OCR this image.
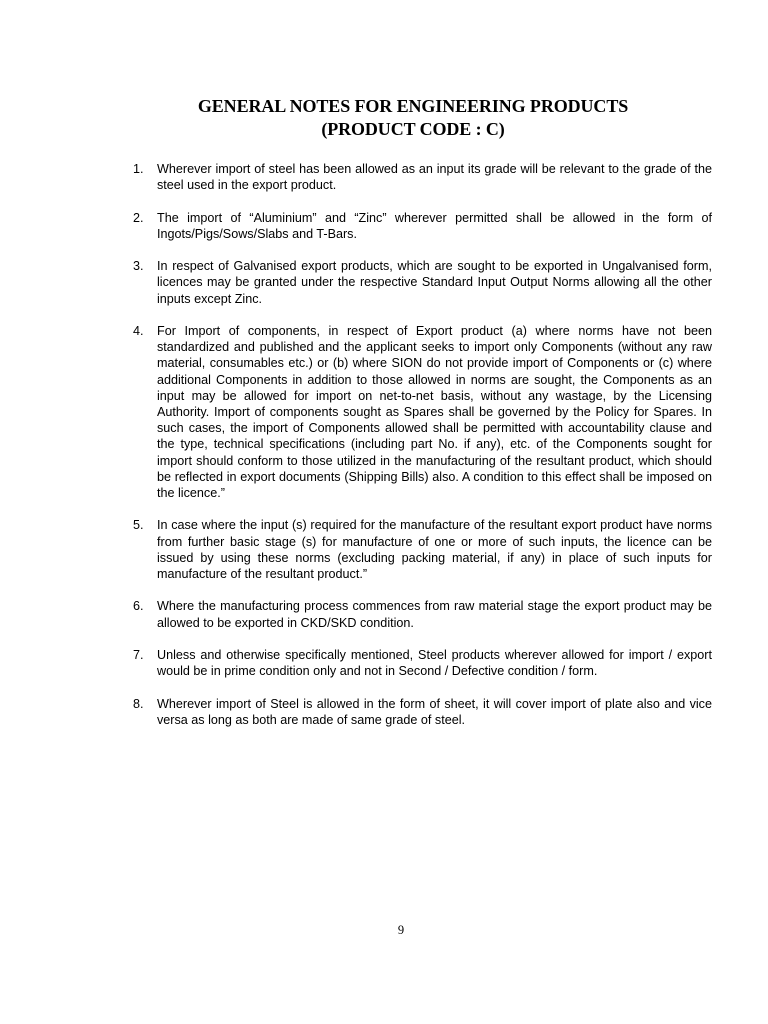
GENERAL NOTES FOR ENGINEERING PRODUCTS
(PRODUCT CODE : C)
1.	Wherever import of steel has been allowed as an input its grade will be relevant to the grade of the steel used in the export product.
2.	The import of “Aluminium” and “Zinc” wherever permitted shall be allowed in the form of Ingots/Pigs/Sows/Slabs and T-Bars.
3.	In respect of Galvanised export products, which are sought to be exported in Ungalvanised form, licences may be granted under the respective Standard Input Output Norms allowing all the other inputs except Zinc.
4.	For Import of components, in respect of Export product (a) where norms have not been standardized and published and the applicant seeks to import only Components (without any raw material, consumables etc.) or (b) where SION do not provide import of Components or (c) where additional Components in addition to those allowed in norms are sought, the Components as an input may be allowed for import on net-to-net basis, without any wastage, by the Licensing Authority. Import of components sought as Spares shall be governed by the Policy for Spares. In such cases, the import of Components allowed shall be permitted with accountability clause and the type, technical specifications (including part No. if any), etc. of the Components sought for import should conform to those utilized in the manufacturing of the resultant product, which should be reflected in export documents (Shipping Bills) also. A condition to this effect shall be imposed on the licence.”
5.	In case where the input (s) required for the manufacture of the resultant export product have norms from further basic stage (s) for manufacture of one or more of such inputs, the licence can be issued by using these norms (excluding packing material, if any) in place of such inputs for manufacture of the resultant product.”
6.	Where the manufacturing process commences from raw material stage the export product may be allowed to be exported in CKD/SKD condition.
7.	Unless and otherwise specifically mentioned, Steel products wherever allowed for import / export would be in prime condition only and not in Second / Defective condition / form.
8.	Wherever import of Steel is allowed in the form of sheet, it will cover import of plate also and vice versa as long as both are made of same grade of steel.
9
